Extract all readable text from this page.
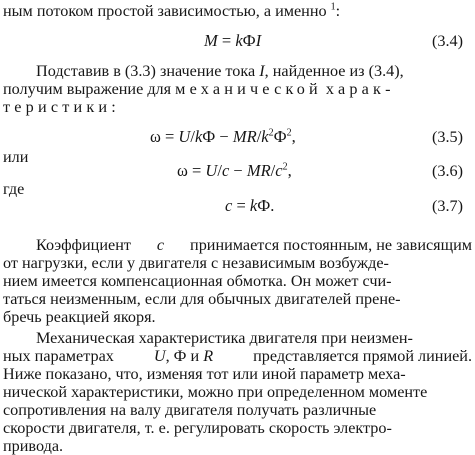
ным потоком простой зависимостью, а именно $^1$:
M = kФI	(3.4)
Подставив в (3.3) значение тока I, найденное из (3.4),
получим выражение для механической харак-
теристики:
$\omega = U/kФ - MR/k^2Ф^2$,	(3.5)
или
$\omega = U/c - MR/c^2$,	(3.6)
где
c = kФ.	(3.7)
Коэффициент c принимается постоянным, не зависящим
от нагрузки, если у двигателя с независимым возбужде-
нием имеется компенсационная обмотка. Он может счи-
таться неизменным, если для обычных двигателей прене-
бречь реакцией якоря.
Механическая характеристика двигателя при неизмен-
ных параметрах U, Ф и R представляется прямой линией.
Ниже показано, что, изменяя тот или иной параметр меха-
нической характеристики, можно при определенном моменте
сопротивления на валу двигателя получать различные
скорости двигателя, т. е. регулировать скорость электро-
привода.
